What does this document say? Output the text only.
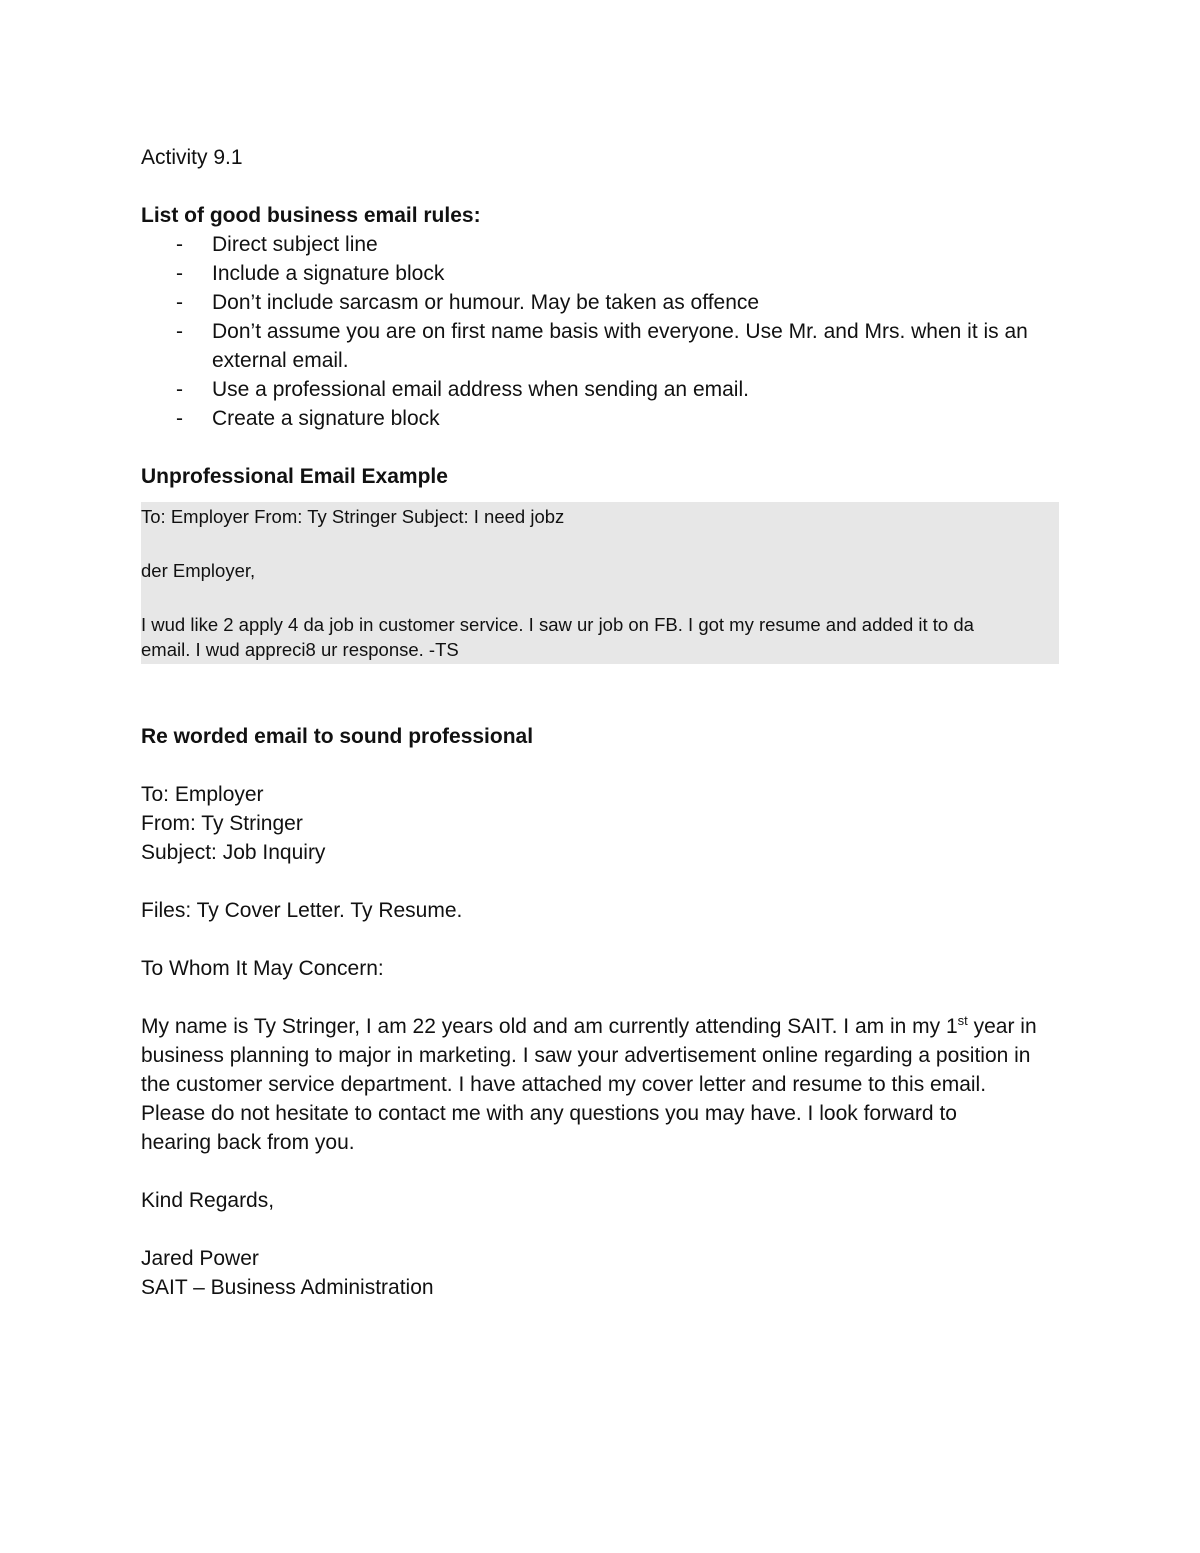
Activity 9.1

List of good business email rules:

- Direct subject line
- Include a signature block
- Don’t include sarcasm or humour. May be taken as offence
- Don’t assume you are on first name basis with everyone. Use Mr. and Mrs. when it is an external email.
- Use a professional email address when sending an email.
- Create a signature block

Unprofessional Email Example

To: Employer From: Ty Stringer Subject: I need jobz

der Employer,

I wud like 2 apply 4 da job in customer service. I saw ur job on FB. I got my resume and added it to da

email. I wud appreci8 ur response. -TS

Re worded email to sound professional

To: Employer

From: Ty Stringer

Subject: Job Inquiry

Files: Ty Cover Letter. Ty Resume.

To Whom It May Concern:

My name is Ty Stringer, I am 22 years old and am currently attending SAIT. I am in my 1st year in

business planning to major in marketing. I saw your advertisement online regarding a position in

the customer service department. I have attached my cover letter and resume to this email.

Please do not hesitate to contact me with any questions you may have. I look forward to

hearing back from you.

Kind Regards,

Jared Power

SAIT – Business Administration
